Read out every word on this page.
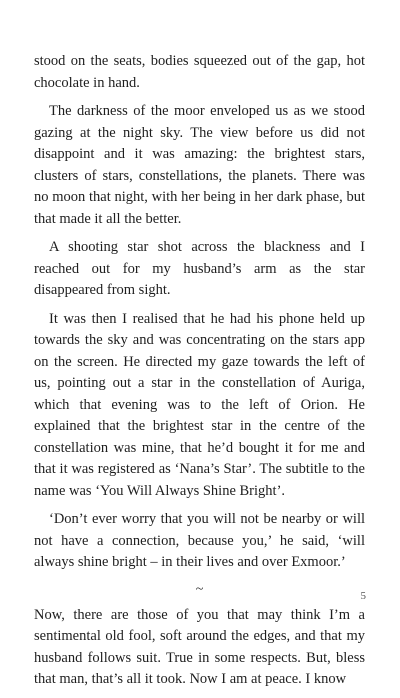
stood on the seats, bodies squeezed out of the gap, hot chocolate in hand.

The darkness of the moor enveloped us as we stood gazing at the night sky. The view before us did not disappoint and it was amazing: the brightest stars, clusters of stars, constellations, the planets. There was no moon that night, with her being in her dark phase, but that made it all the better.

A shooting star shot across the blackness and I reached out for my husband’s arm as the star disappeared from sight.

It was then I realised that he had his phone held up towards the sky and was concentrating on the stars app on the screen. He directed my gaze towards the left of us, pointing out a star in the constellation of Auriga, which that evening was to the left of Orion. He explained that the brightest star in the centre of the constellation was mine, that he’d bought it for me and that it was registered as ‘Nana’s Star’. The subtitle to the name was ‘You Will Always Shine Bright’.

‘Don’t ever worry that you will not be nearby or will not have a connection, because you,’ he said, ‘will always shine bright – in their lives and over Exmoor.’

~

Now, there are those of you that may think I’m a sentimental old fool, soft around the edges, and that my husband follows suit. True in some respects. But, bless that man, that’s all it took. Now I am at peace. I know

5
